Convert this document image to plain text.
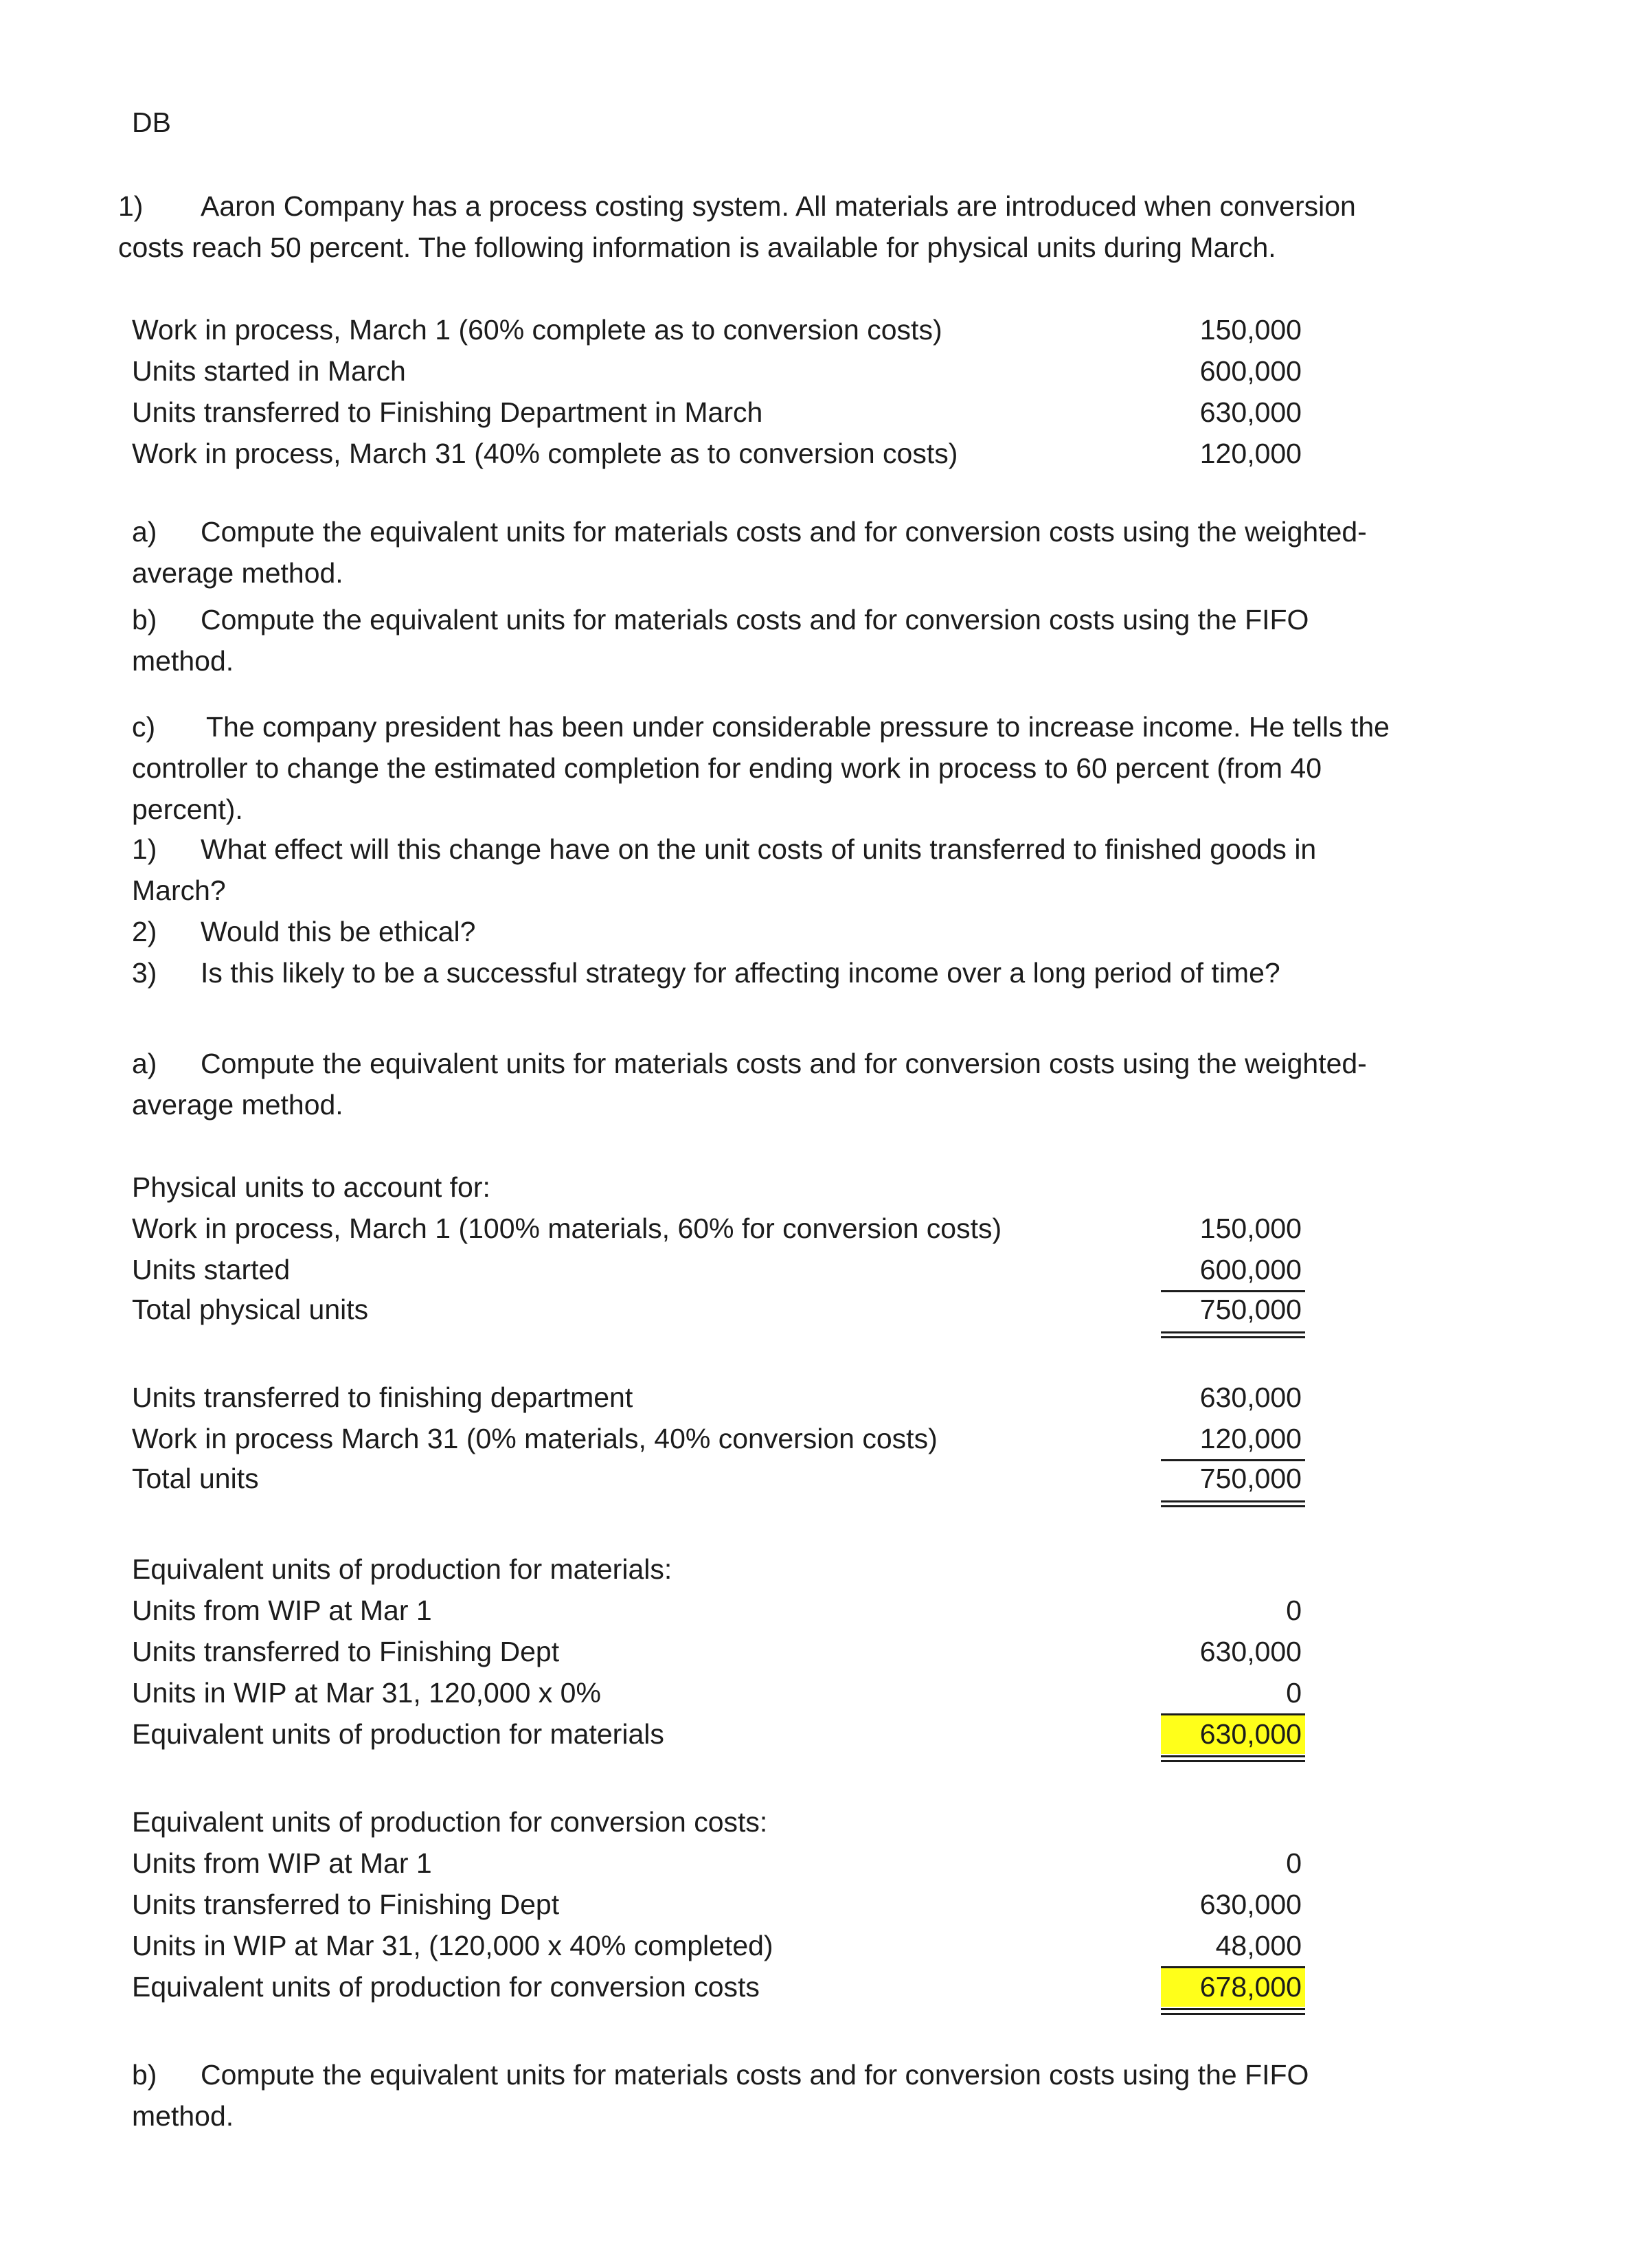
DB
1) Aaron Company has a process costing system. All materials are introduced when conversion
costs reach 50 percent. The following information is available for physical units during March.
Work in process, March 1 (60% complete as to conversion costs)	150,000
Units started in March	600,000
Units transferred to Finishing Department in March	630,000
Work in process, March 31 (40% complete as to conversion costs)	120,000
a) Compute the equivalent units for materials costs and for conversion costs using the weighted-
average method.
b) Compute the equivalent units for materials costs and for conversion costs using the FIFO
method.
c) The company president has been under considerable pressure to increase income. He tells the
controller to change the estimated completion for ending work in process to 60 percent (from 40
percent).
1) What effect will this change have on the unit costs of units transferred to finished goods in
March?
2) Would this be ethical?
3) Is this likely to be a successful strategy for affecting income over a long period of time?
a) Compute the equivalent units for materials costs and for conversion costs using the weighted-
average method.
Physical units to account for:
Work in process, March 1 (100% materials, 60% for conversion costs)	150,000
Units started	600,000
Total physical units	750,000
Units transferred to finishing department	630,000
Work in process March 31 (0% materials, 40% conversion costs)	120,000
Total units	750,000
Equivalent units of production for materials:
Units from WIP at Mar 1	0
Units transferred to Finishing Dept	630,000
Units in WIP at Mar 31, 120,000 x 0%	0
Equivalent units of production for materials	630,000
Equivalent units of production for conversion costs:
Units from WIP at Mar 1	0
Units transferred to Finishing Dept	630,000
Units in WIP at Mar 31, (120,000 x 40% completed)	48,000
Equivalent units of production for conversion costs	678,000
b) Compute the equivalent units for materials costs and for conversion costs using the FIFO
method.
